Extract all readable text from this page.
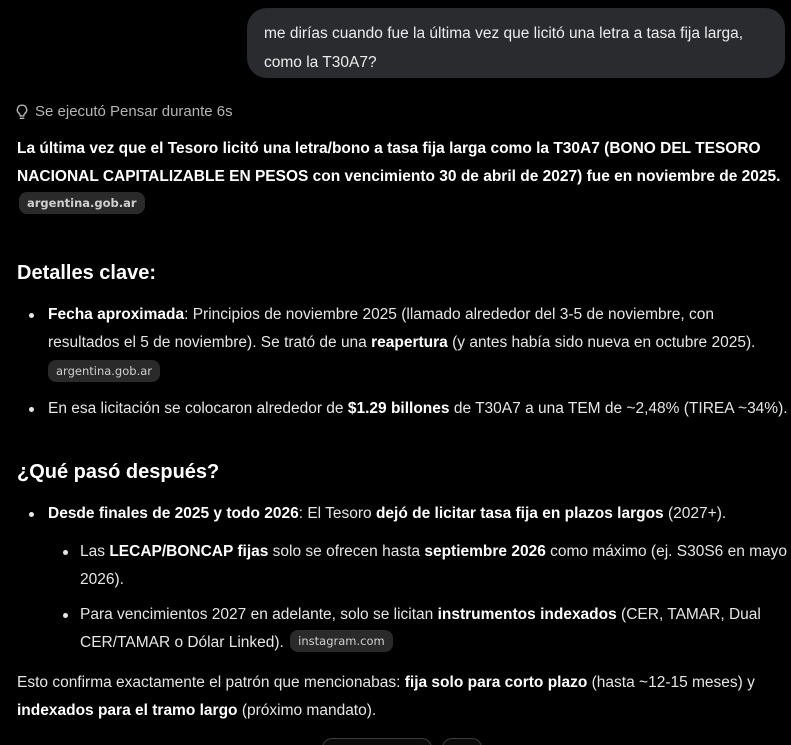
me dirías cuando fue la última vez que licitó una letra a tasa fija larga,
como la T30A7?
Se ejecutó Pensar durante 6s

La última vez que el Tesoro licitó una letra/bono a tasa fija larga como la T30A7 (BONO DEL TESORO NACIONAL CAPITALIZABLE EN PESOS con vencimiento 30 de abril de 2027) fue en noviembre de 2025. argentina.gob.ar

Detalles clave:
Fecha aproximada: Principios de noviembre 2025 (llamado alrededor del 3-5 de noviembre, con resultados el 5 de noviembre). Se trató de una reapertura (y antes había sido nueva en octubre 2025).
argentina.gob.ar
En esa licitación se colocaron alrededor de $1.29 billones de T30A7 a una TEM de ~2,48% (TIREA ~34%).
¿Qué pasó después?
Desde finales de 2025 y todo 2026: El Tesoro dejó de licitar tasa fija en plazos largos (2027+).
Las LECAP/BONCAP fijas solo se ofrecen hasta septiembre 2026 como máximo (ej. S30S6 en mayo 2026).
Para vencimientos 2027 en adelante, solo se licitan instrumentos indexados (CER, TAMAR, Dual CER/TAMAR o Dólar Linked). instagram.com

Esto confirma exactamente el patrón que mencionabas: fija solo para corto plazo (hasta ~12-15 meses) y indexados para el tramo largo (próximo mandato).
